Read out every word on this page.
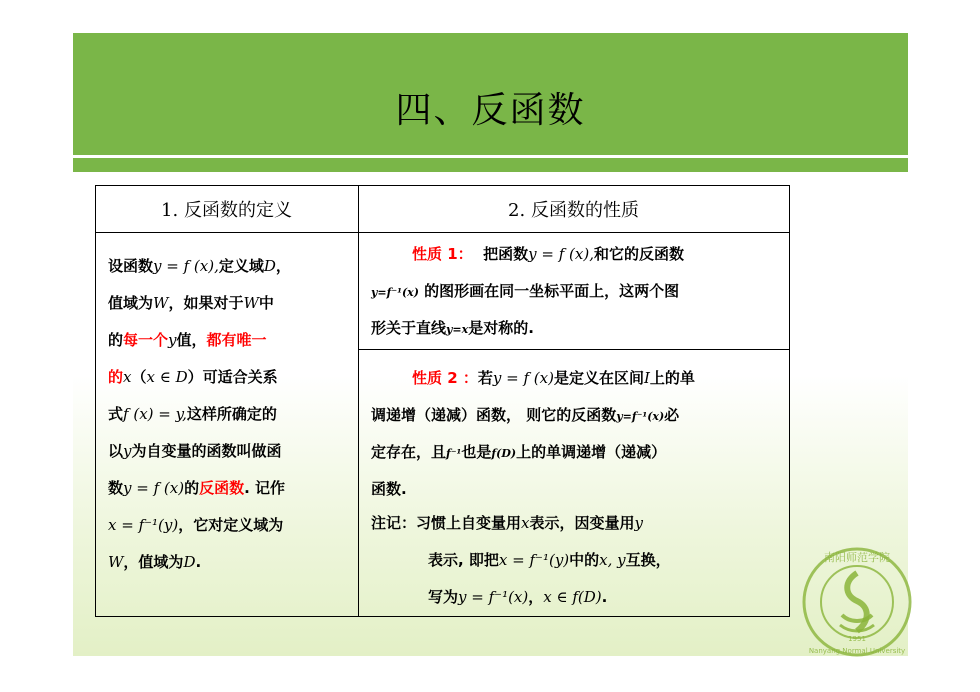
四、反函数
1. 反函数的定义	2. 反函数的性质
设函数y = f (x),定义域D，
值域为W，如果对于W中
的每一个y值，都有唯一
的x（x ∈ D）可适合关系
式f (x) = y,这样所确定的
以y为自变量的函数叫做函
数y = f (x)的反函数. 记作
x = f⁻¹(y)，它对定义域为
W，值域为D.
性质 1： 把函数y = f (x),和它的反函数
y=f⁻¹(x) 的图形画在同一坐标平面上，这两个图
形关于直线y=x是对称的.
性质 2 ：若y = f (x)是定义在区间I上的单
调递增（递减）函数， 则它的反函数y=f⁻¹(x)必
定存在，且f⁻¹也是f(D)上的单调递增（递减）
函数.
注记：习惯上自变量用x表示，因变量用y
表示, 即把x = f⁻¹(y)中的x, y互换，
写为y = f⁻¹(x)，x ∈ f(D).
南阳师范学院
1951
Nanyang Normal University
